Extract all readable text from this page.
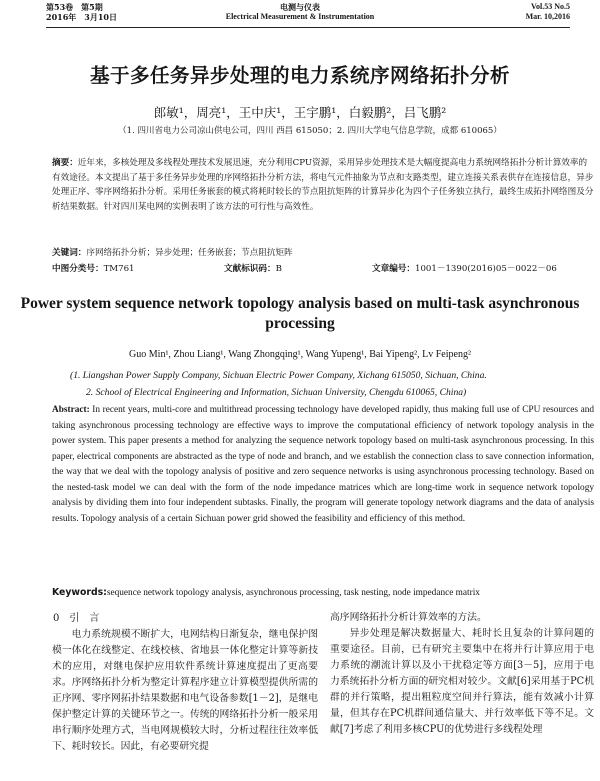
第53卷　第5期
2016年　3月10日
电测与仪表
Electrical Measurement & Instrumentation
Vol.53 No.5
Mar. 10,2016
基于多任务异步处理的电力系统序网络拓扑分析
郎敏¹，周亮¹，王中庆¹，王宇鹏¹，白毅鹏²，吕飞鹏²
（1. 四川省电力公司凉山供电公司，四川 西昌 615050；2. 四川大学电气信息学院，成都 610065）
摘要：近年来，多核处理及多线程处理技术发展迅速，充分利用CPU资源，采用异步处理技术是大幅度提高电力系统网络拓扑分析计算效率的有效途径。本文提出了基于多任务异步处理的序网络拓扑分析方法，将电气元件抽象为节点和支路类型，建立连接关系表供存在连接信息，异步处理正序、零序网络拓扑分析。采用任务嵌套的模式将耗时较长的节点阻抗矩阵的计算异步化为四个子任务独立执行，最终生成拓扑网络图及分析结果数据。针对四川某电网的实例表明了该方法的可行性与高效性。
关键词：序网络拓扑分析；异步处理；任务嵌套；节点阻抗矩阵
中图分类号：TM761	文献标识码：B	文章编号：1001－1390(2016)05－0022－06
Power system sequence network topology analysis based on multi-task asynchronous processing
Guo Min¹, Zhou Liang¹, Wang Zhongqing¹, Wang Yupeng¹, Bai Yipeng², Lv Feipeng²
(1. Liangshan Power Supply Company, Sichuan Electric Power Company, Xichang 615050, Sichuan, China.
2. School of Electrical Engineering and Information, Sichuan University, Chengdu 610065, China)
Abstract: In recent years, multi-core and multithread processing technology have developed rapidly, thus making full use of CPU resources and taking asynchronous processing technology are effective ways to improve the computational efficiency of network topology analysis in the power system. This paper presents a method for analyzing the sequence network topology based on multi-task asynchronous processing. In this paper, electrical components are abstracted as the type of node and branch, and we establish the connection class to save connection information, the way that we deal with the topology analysis of positive and zero sequence networks is using asynchronous processing technology. Based on the nested-task model we can deal with the form of the node impedance matrices which are long-time work in sequence network topology analysis by dividing them into four independent subtasks. Finally, the program will generate topology network diagrams and the data of analysis results. Topology analysis of a certain Sichuan power grid showed the feasibility and efficiency of this method.
Keywords:sequence network topology analysis, asynchronous processing, task nesting, node impedance matrix
0　引　言

电力系统规模不断扩大，电网结构日渐复杂，继电保护图模一体化在线整定、在线校核、省地县一体化整定计算等新技术的应用，对继电保护应用软件系统计算速度提出了更高要求。序网络拓扑分析为整定计算程序建立计算模型提供所需的正序网、零序网拓扑结果数据和电气设备参数[1－2]，是继电保护整定计算的关键环节之一。传统的网络拓扑分析一般采用串行顺序处理方式，当电网规模较大时，分析过程往往效率低下、耗时较长。因此，有必要研究提

高序网络拓扑分析计算效率的方法。

异步处理是解决数据量大、耗时长且复杂的计算问题的重要途径。目前，已有研究主要集中在将并行计算应用于电力系统的潮流计算以及小干扰稳定等方面[3－5]，应用于电力系统拓扑分析方面的研究相对较少。文献[6]采用基于PC机群的并行策略，提出粗粒度空间并行算法，能有效减小计算量，但其存在PC机群间通信量大、并行效率低下等不足。文献[7]考虑了利用多核CPU的优势进行多线程处理
